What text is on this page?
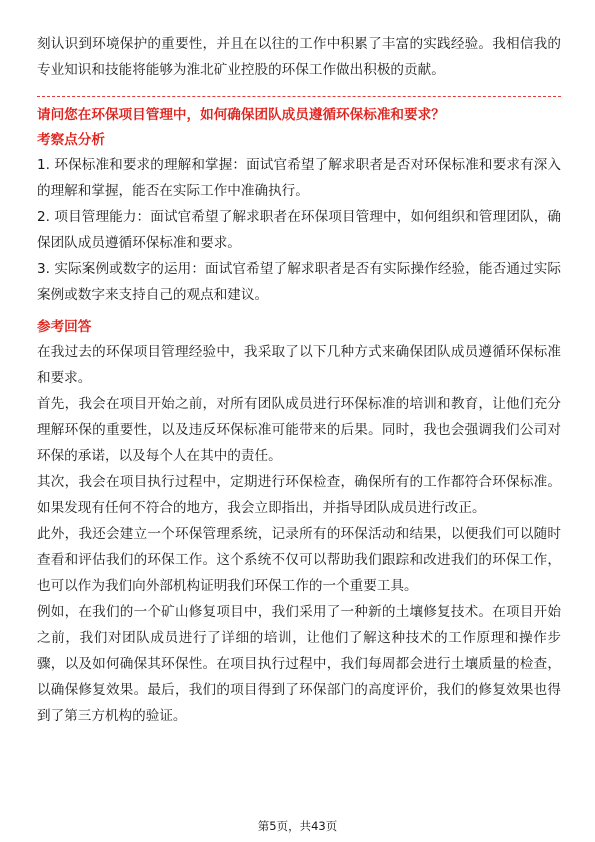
刻认识到环境保护的重要性，并且在以往的工作中积累了丰富的实践经验。我相信我的专业知识和技能将能够为淮北矿业控股的环保工作做出积极的贡献。

请问您在环保项目管理中，如何确保团队成员遵循环保标准和要求？

考察点分析

1. 环保标准和要求的理解和掌握：面试官希望了解求职者是否对环保标准和要求有深入的理解和掌握，能否在实际工作中准确执行。

2. 项目管理能力：面试官希望了解求职者在环保项目管理中，如何组织和管理团队，确保团队成员遵循环保标准和要求。

3. 实际案例或数字的运用：面试官希望了解求职者是否有实际操作经验，能否通过实际案例或数字来支持自己的观点和建议。

参考回答

在我过去的环保项目管理经验中，我采取了以下几种方式来确保团队成员遵循环保标准和要求。

首先，我会在项目开始之前，对所有团队成员进行环保标准的培训和教育，让他们充分理解环保的重要性，以及违反环保标准可能带来的后果。同时，我也会强调我们公司对环保的承诺，以及每个人在其中的责任。

其次，我会在项目执行过程中，定期进行环保检查，确保所有的工作都符合环保标准。如果发现有任何不符合的地方，我会立即指出，并指导团队成员进行改正。

此外，我还会建立一个环保管理系统，记录所有的环保活动和结果，以便我们可以随时查看和评估我们的环保工作。这个系统不仅可以帮助我们跟踪和改进我们的环保工作，也可以作为我们向外部机构证明我们环保工作的一个重要工具。

例如，在我们的一个矿山修复项目中，我们采用了一种新的土壤修复技术。在项目开始之前，我们对团队成员进行了详细的培训，让他们了解这种技术的工作原理和操作步骤，以及如何确保其环保性。在项目执行过程中，我们每周都会进行土壤质量的检查，以确保修复效果。最后，我们的项目得到了环保部门的高度评价，我们的修复效果也得到了第三方机构的验证。

第5页，共43页
